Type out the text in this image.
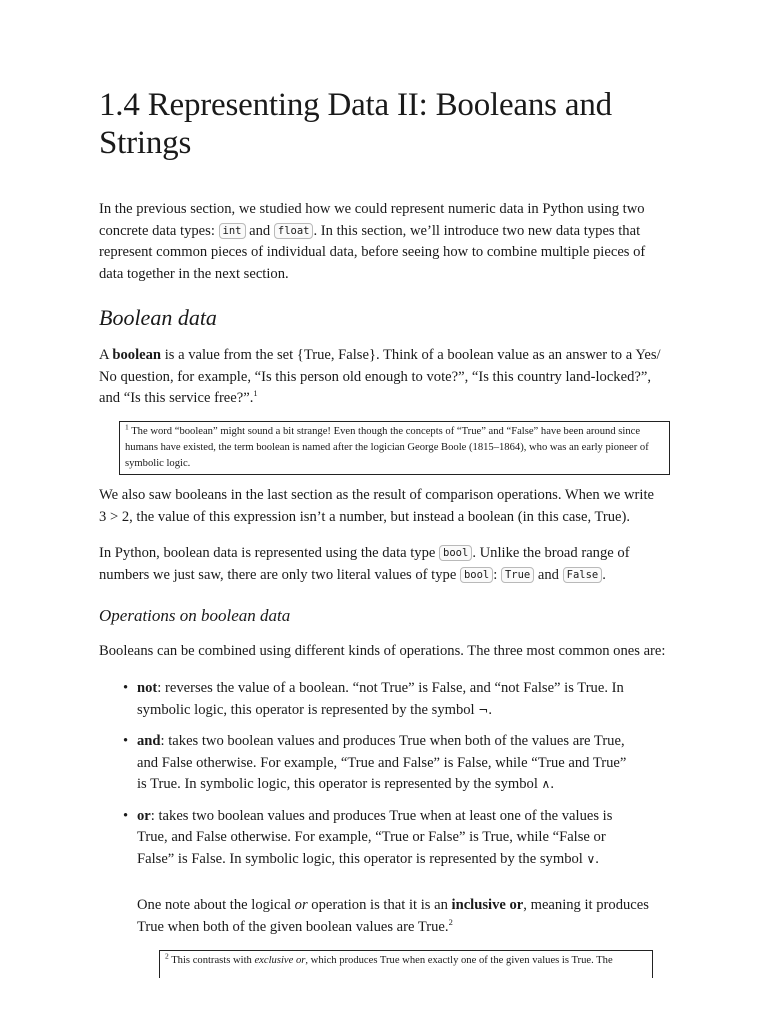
1.4 Representing Data II: Booleans and Strings

In the previous section, we studied how we could represent numeric data in Python using two concrete data types: int and float . In this section, we’ll introduce two new data types that represent common pieces of individual data, before seeing how to combine multiple pieces of data together in the next section.

Boolean data

A boolean is a value from the set {True, False}. Think of a boolean value as an answer to a Yes/ No question, for example, “Is this person old enough to vote?”, “Is this country land-locked?”, and “Is this service free?”.$^1$

$^1$ The word “boolean” might sound a bit strange! Even though the concepts of “True” and “False” have been around since humans have existed, the term boolean is named after the logician George Boole (1815–1864), who was an early pioneer of symbolic logic.

We also saw booleans in the last section as the result of comparison operations. When we write 3 > 2, the value of this expression isn’t a number, but instead a boolean (in this case, True).

In Python, boolean data is represented using the data type bool . Unlike the broad range of numbers we just saw, there are only two literal values of type bool : True and False .

Operations on boolean data

Booleans can be combined using different kinds of operations. The three most common ones are:

• not: reverses the value of a boolean. “not True” is False, and “not False” is True. In symbolic logic, this operator is represented by the symbol ¬.
• and: takes two boolean values and produces True when both of the values are True, and False otherwise. For example, “True and False” is False, while “True and True” is True. In symbolic logic, this operator is represented by the symbol ∧.
• or: takes two boolean values and produces True when at least one of the values is True, and False otherwise. For example, “True or False” is True, while “False or False” is False. In symbolic logic, this operator is represented by the symbol ∨.

One note about the logical or operation is that it is an inclusive or, meaning it produces True when both of the given boolean values are True.$^2$

$^2$ This contrasts with exclusive or, which produces True when exactly one of the given values is True. The
